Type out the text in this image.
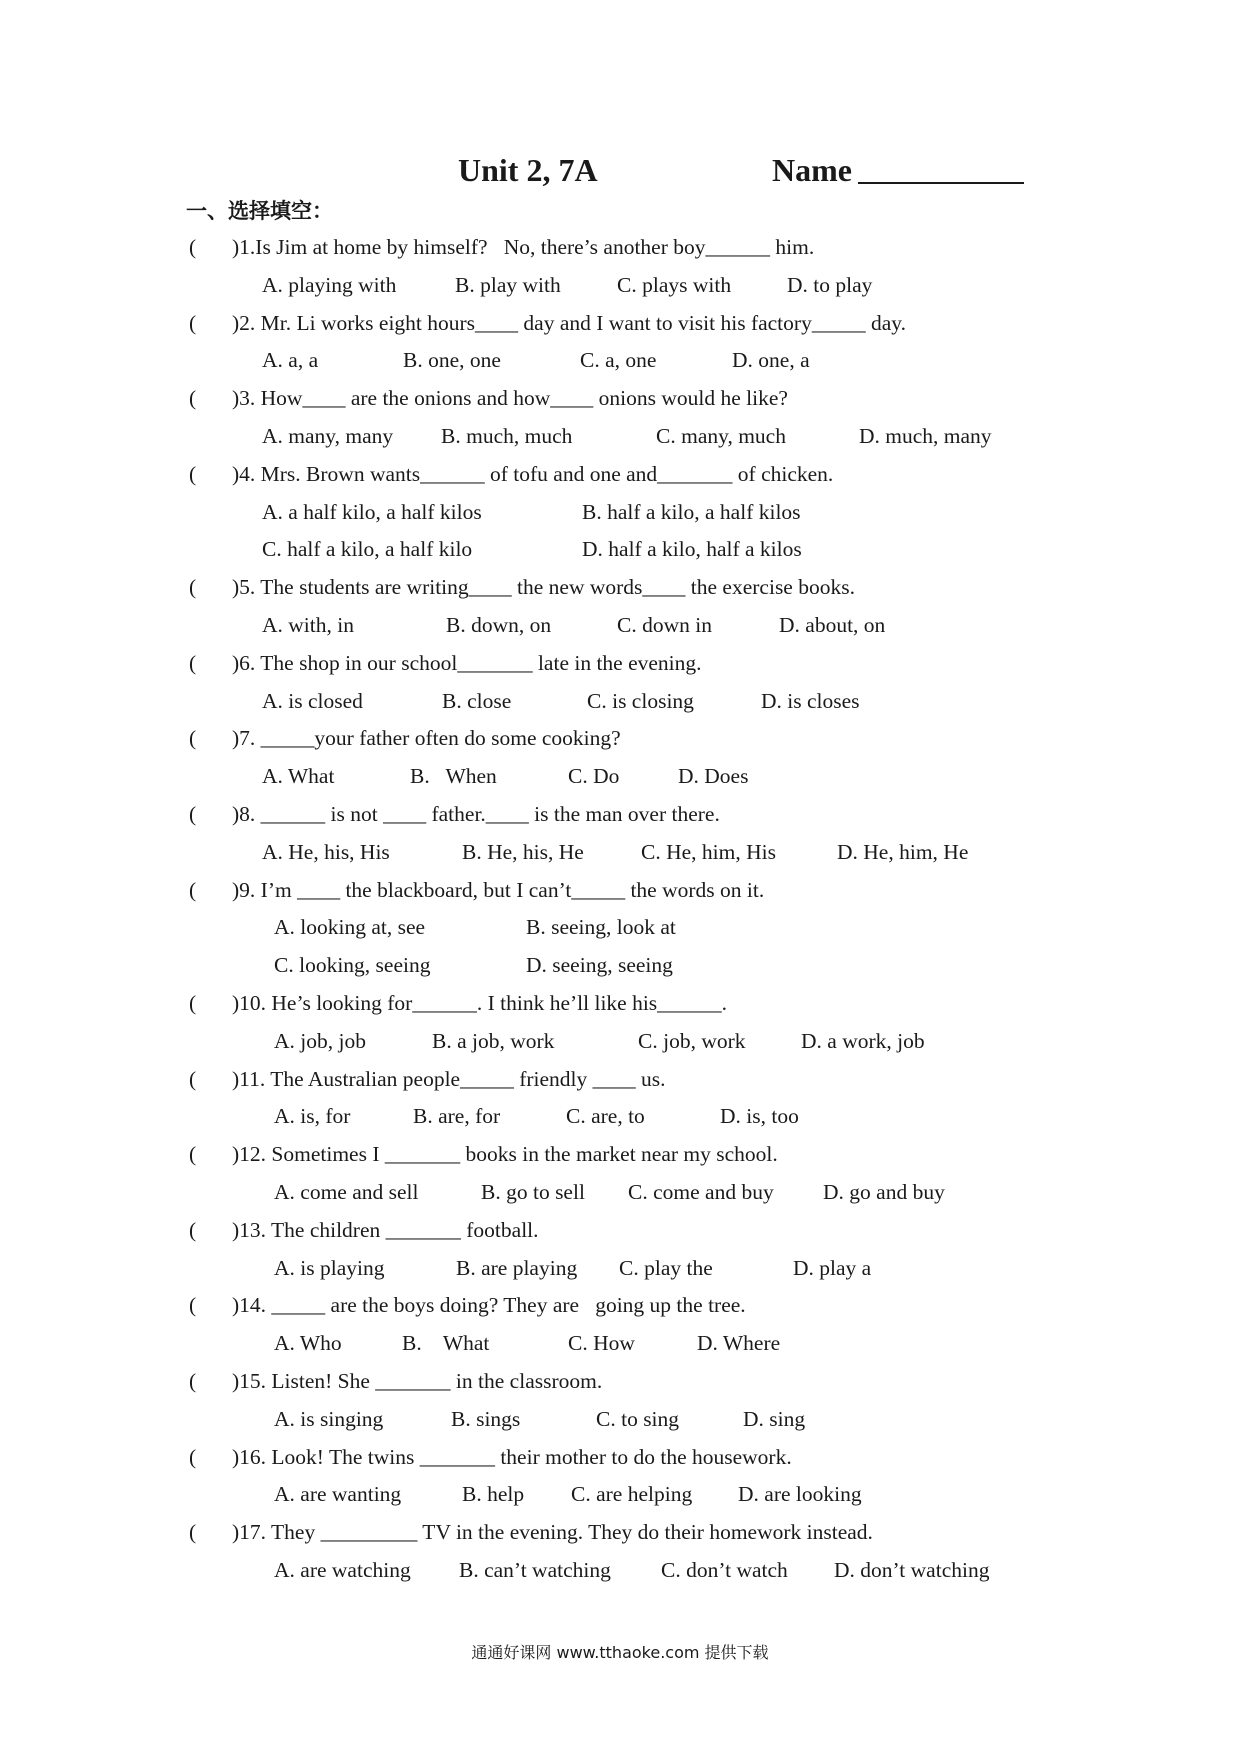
Unit 2, 7A	Name
一、选择填空：
( )1.Is Jim at home by himself?   No, there’s another boy______ him.
A. playing with	B. play with	C. plays with	D. to play
( )2. Mr. Li works eight hours____ day and I want to visit his factory_____ day.
A. a, a	B. one, one	C. a, one	D. one, a
( )3. How____ are the onions and how____ onions would he like?
A. many, many B. much, much	C. many, much	D. much, many
( )4. Mrs. Brown wants______ of tofu and one and_______ of chicken.
A. a half kilo, a half kilos	B. half a kilo, a half kilos
C. half a kilo, a half kilo	D. half a kilo, half a kilos
( )5. The students are writing____ the new words____ the exercise books.
A. with, in	B. down, on	C. down in	D. about, on
( )6. The shop in our school_______ late in the evening.
A. is closed	B. close	C. is closing	D. is closes
( )7. _____your father often do some cooking?
A. What	B.   When	C. Do	D. Does
( )8. ______ is not ____ father.____ is the man over there.
A. He, his, His	B. He, his, He	C. He, him, His	D. He, him, He
( )9. I’m ____ the blackboard, but I can’t_____ the words on it.
A. looking at, see	B. seeing, look at
C. looking, seeing	D. seeing, seeing
( )10. He’s looking for______. I think he’ll like his______.
A. job, job	B. a job, work	C. job, work	D. a work, job
( )11. The Australian people_____ friendly ____ us.
A. is, for	B. are, for	C. are, to	D. is, too
( )12. Sometimes I _______ books in the market near my school.
A. come and sell	B. go to sell C. come and buy D. go and buy
( )13. The children _______ football.
A. is playing	B. are playing C. play the	D. play a
( )14. _____ are the boys doing? They are   going up the tree.
A. Who	B.    What	C. How	D. Where
( )15. Listen! She _______ in the classroom.
A. is singing	B. sings	C. to sing	D. sing
( )16. Look! The twins _______ their mother to do the housework.
A. are wanting	B. help C. are helping D. are looking
( )17. They _________ TV in the evening. They do their homework instead.
A. are watching B. can’t watching C. don’t watch D. don’t watching
通通好课网 www.tthaoke.com 提供下载
